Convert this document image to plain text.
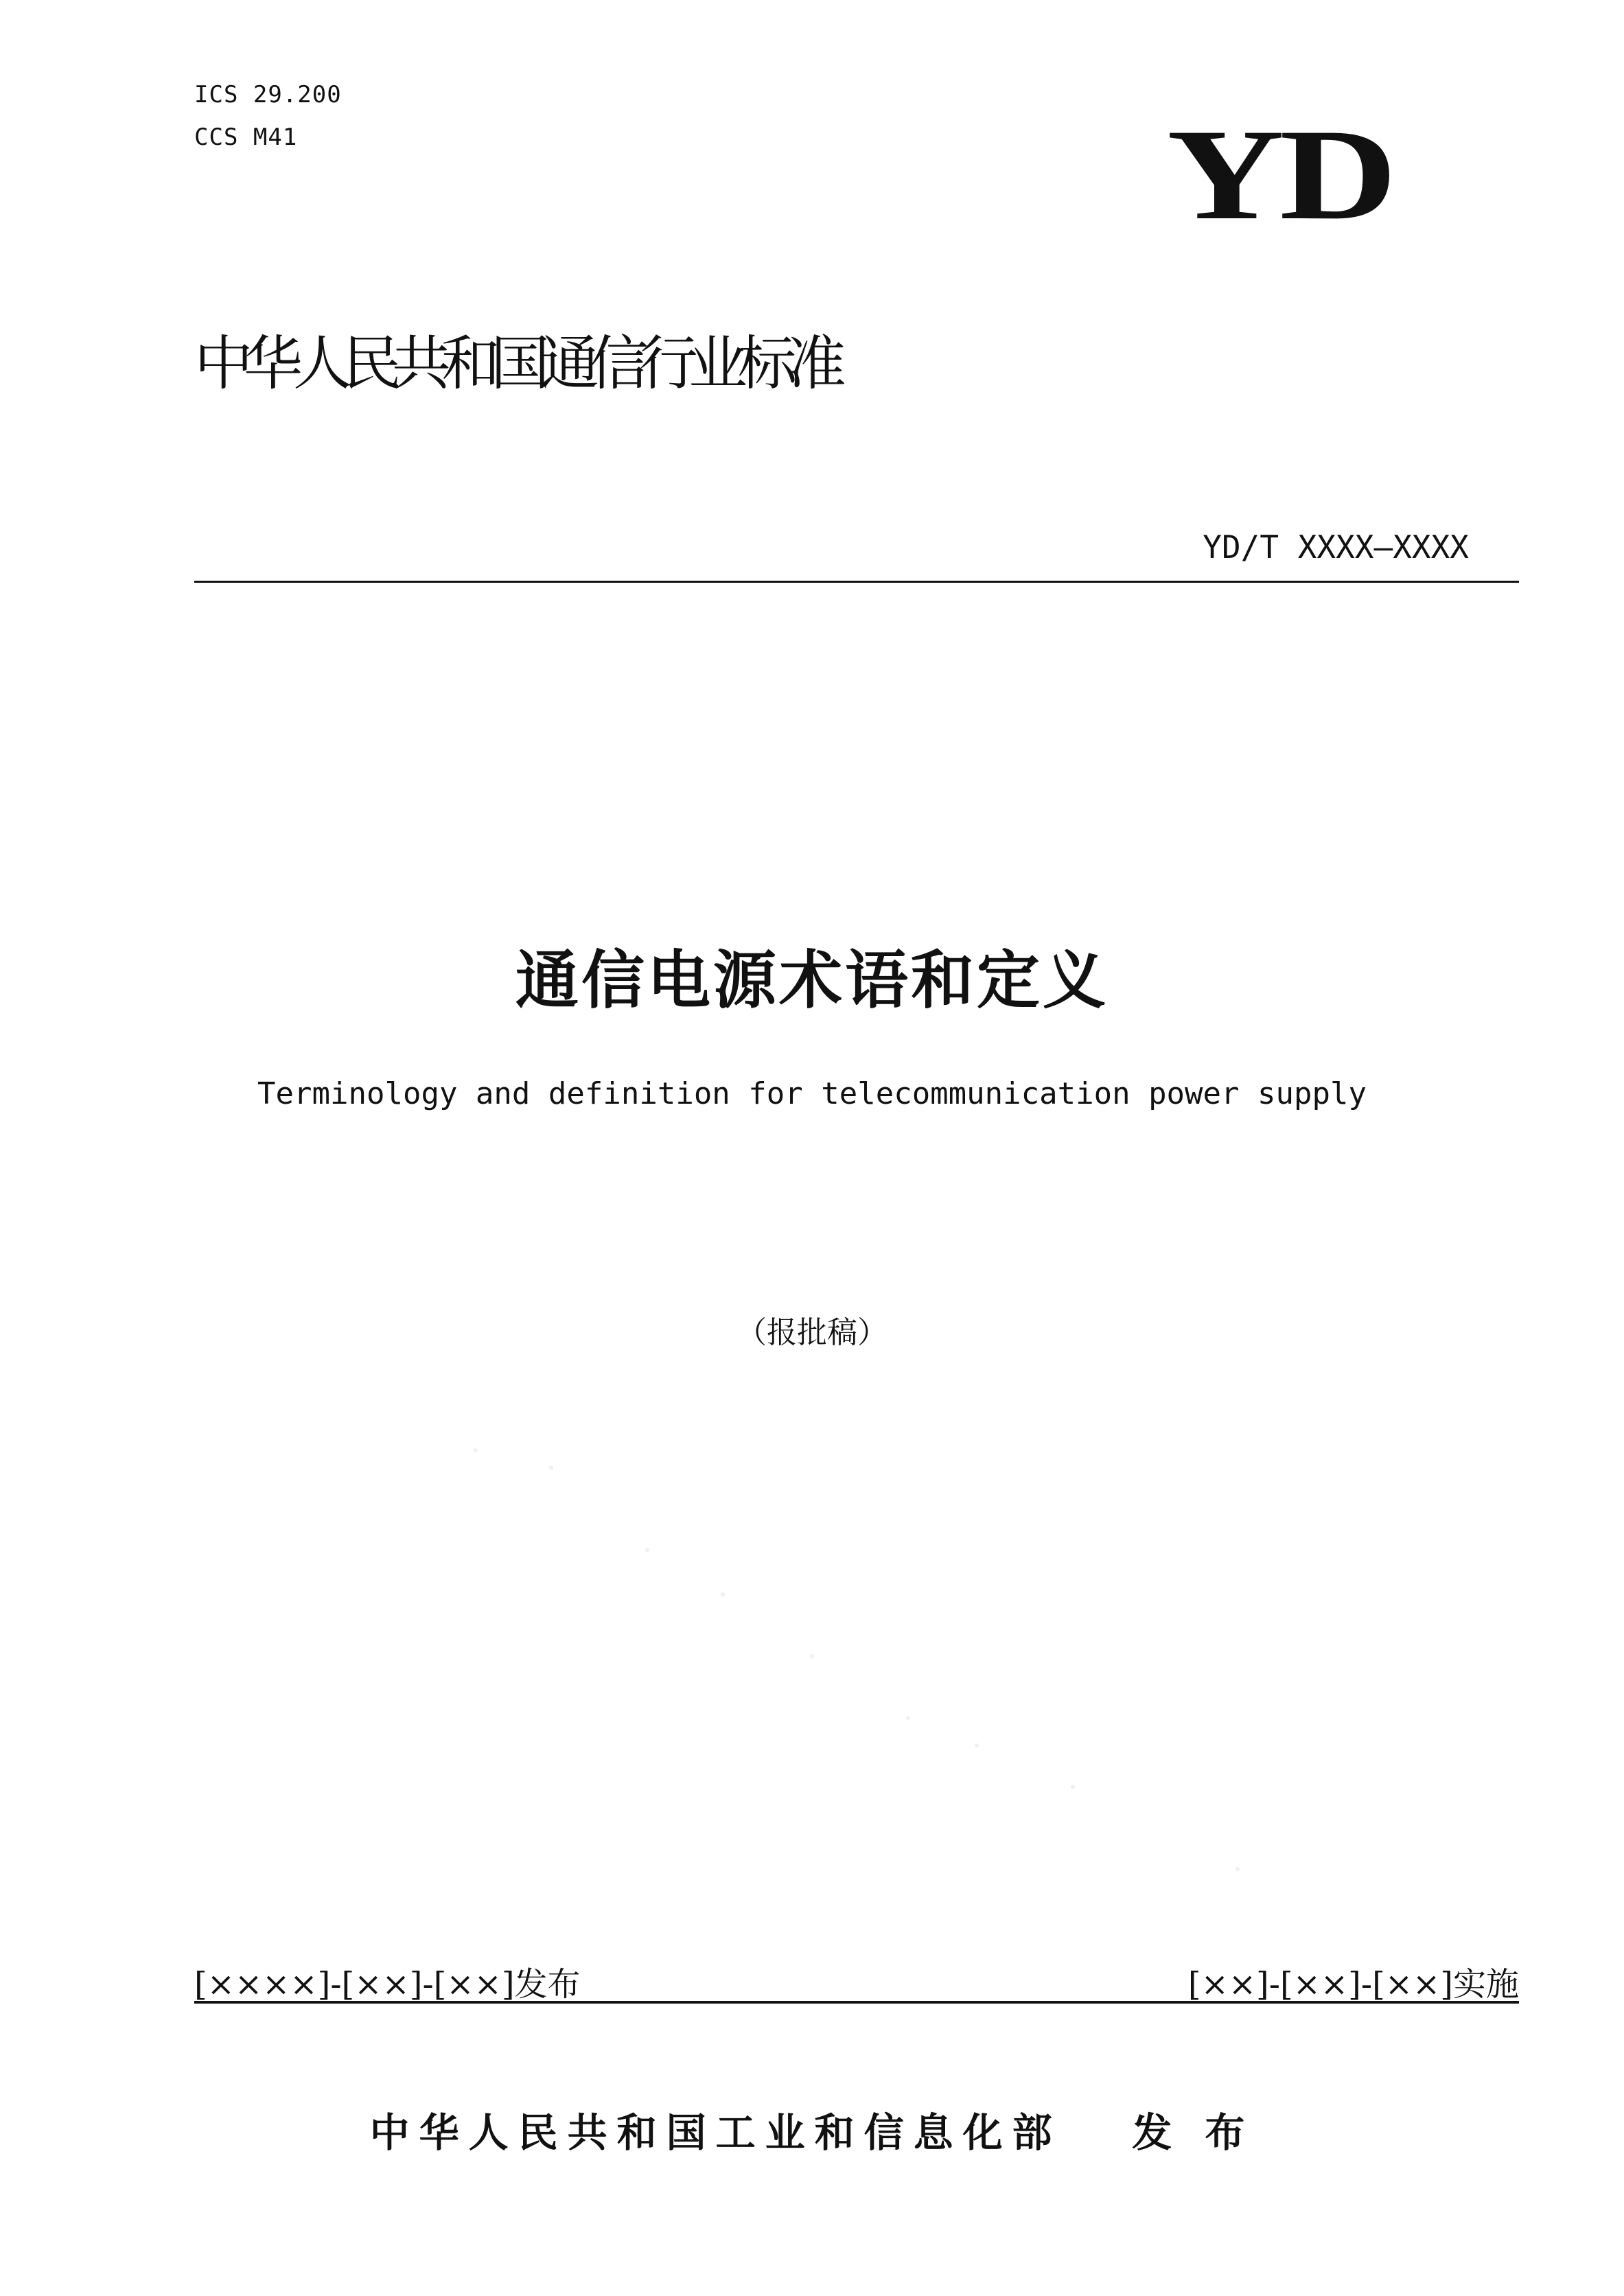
ICS 29.200
CCS M41	YD
中华人民共和国通信行业标准
YD/T XXXX—XXXX
通信电源术语和定义
Terminology and definition for telecommunication power supply
（报批稿）
[××××]-[××]-[××]发布	[××]-[××]-[××]实施
中华人民共和国工业和信息化部   发 布
